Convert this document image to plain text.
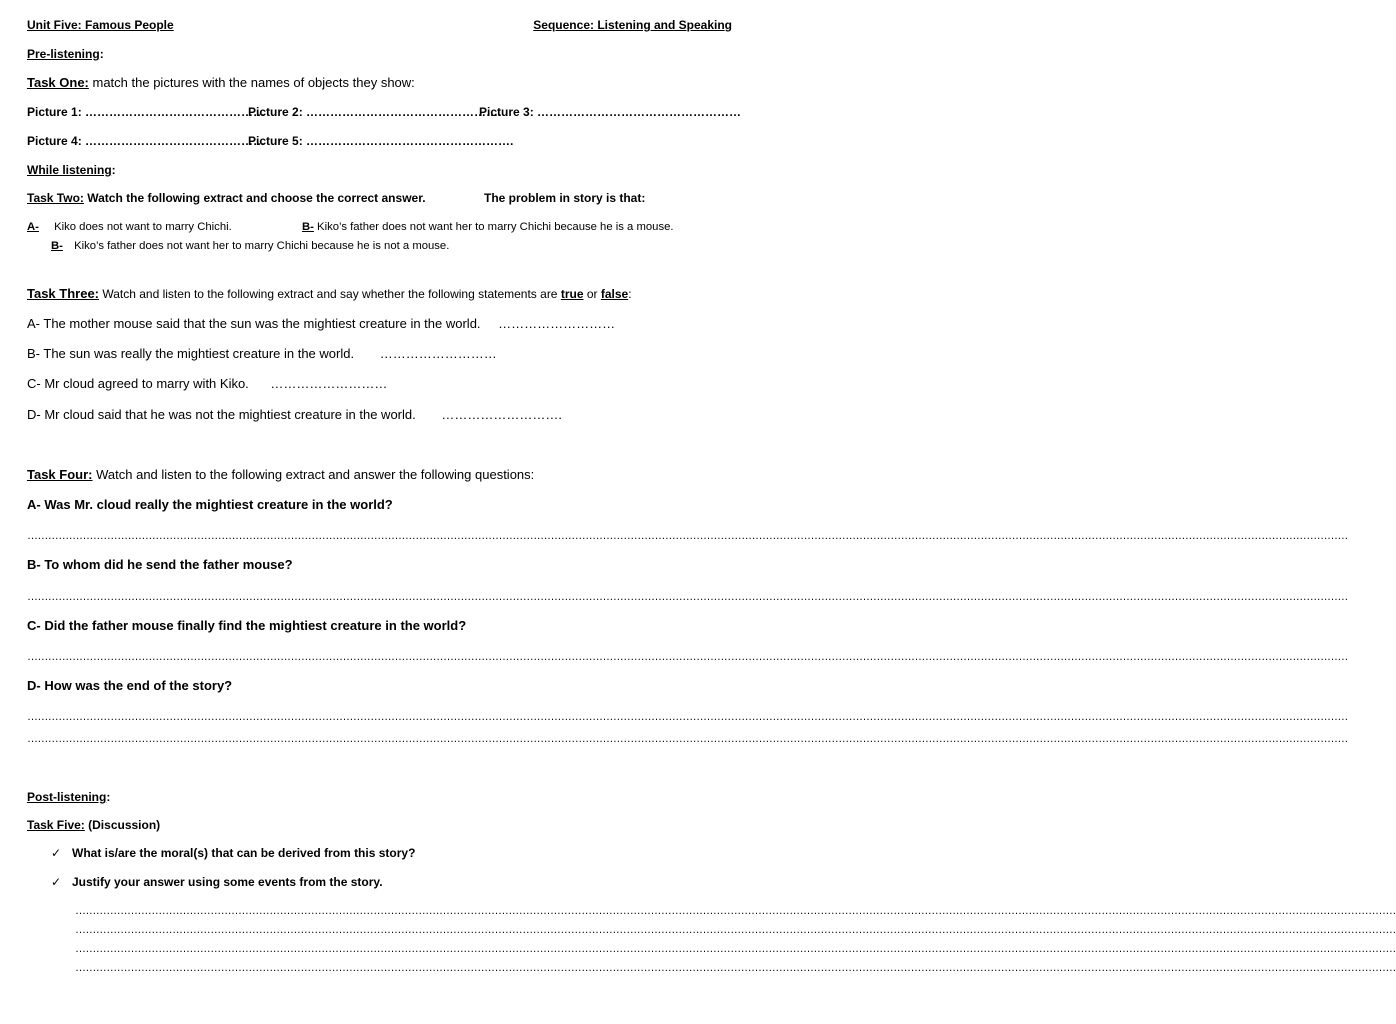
Unit Five: Famous People	Sequence: Listening and Speaking
Pre-listening:
Task One: match the pictures with the names of objects they show:
Picture 1: ………………………………………
Picture 2: ………………………………………….
Picture 3: ……………………………………………
Picture 4: ………………………………………
Picture 5: …………………………………………….
While listening:
Task Two: Watch the following extract and choose the correct answer.	The problem in story is that:
A- Kiko does not want to marry Chichi.	B- Kiko’s father does not want her to marry Chichi because he is a mouse.
B- Kiko’s father does not want her to marry Chichi because he is not a mouse.
Task Three: Watch and listen to the following extract and say whether the following statements are true or false:
A- The mother mouse said that the sun was the mightiest creature in the world. ………………………
B- The sun was really the mightiest creature in the world. ………………………
C- Mr cloud agreed to marry with Kiko. ………………………
D- Mr cloud said that he was not the mightiest creature in the world. ……………………….
Task Four: Watch and listen to the following extract and answer the following questions:
A- Was Mr. cloud really the mightiest creature in the world?
…………………………………………………………………………………………………………………………………………………………………………………………………………………………………………………………………………………………………………………………………………………
B- To whom did he send the father mouse?
…………………………………………………………………………………………………………………………………………………………………………………………………………………………………………………………………………………………………………………………………………………
C- Did the father mouse finally find the mightiest creature in the world?
…………………………………………………………………………………………………………………………………………………………………………………………………………………………………………………………………………………………………………………………………………………
D- How was the end of the story?
…………………………………………………………………………………………………………………………………………………………………………………………………………………………………………………………………………………………………………………………………………………
…………………………………………………………………………………………………………………………………………………………………………………………………………………………………………………………………………………………………………………………………………………
Post-listening:
Task Five: (Discussion)
✓ What is/are the moral(s) that can be derived from this story?
✓ Justify your answer using some events from the story.
…………………………………………………………………………………………………………………………………………………………………………………………………………………………………………………………………………………………………………………………………………………
…………………………………………………………………………………………………………………………………………………………………………………………………………………………………………………………………………………………………………………………………………………
…………………………………………………………………………………………………………………………………………………………………………………………………………………………………………………………………………………………………………………………………………………
…………………………………………………………………………………………………………………………………………………………………………………………………………………………………………………………………………………………………………………………………………………
